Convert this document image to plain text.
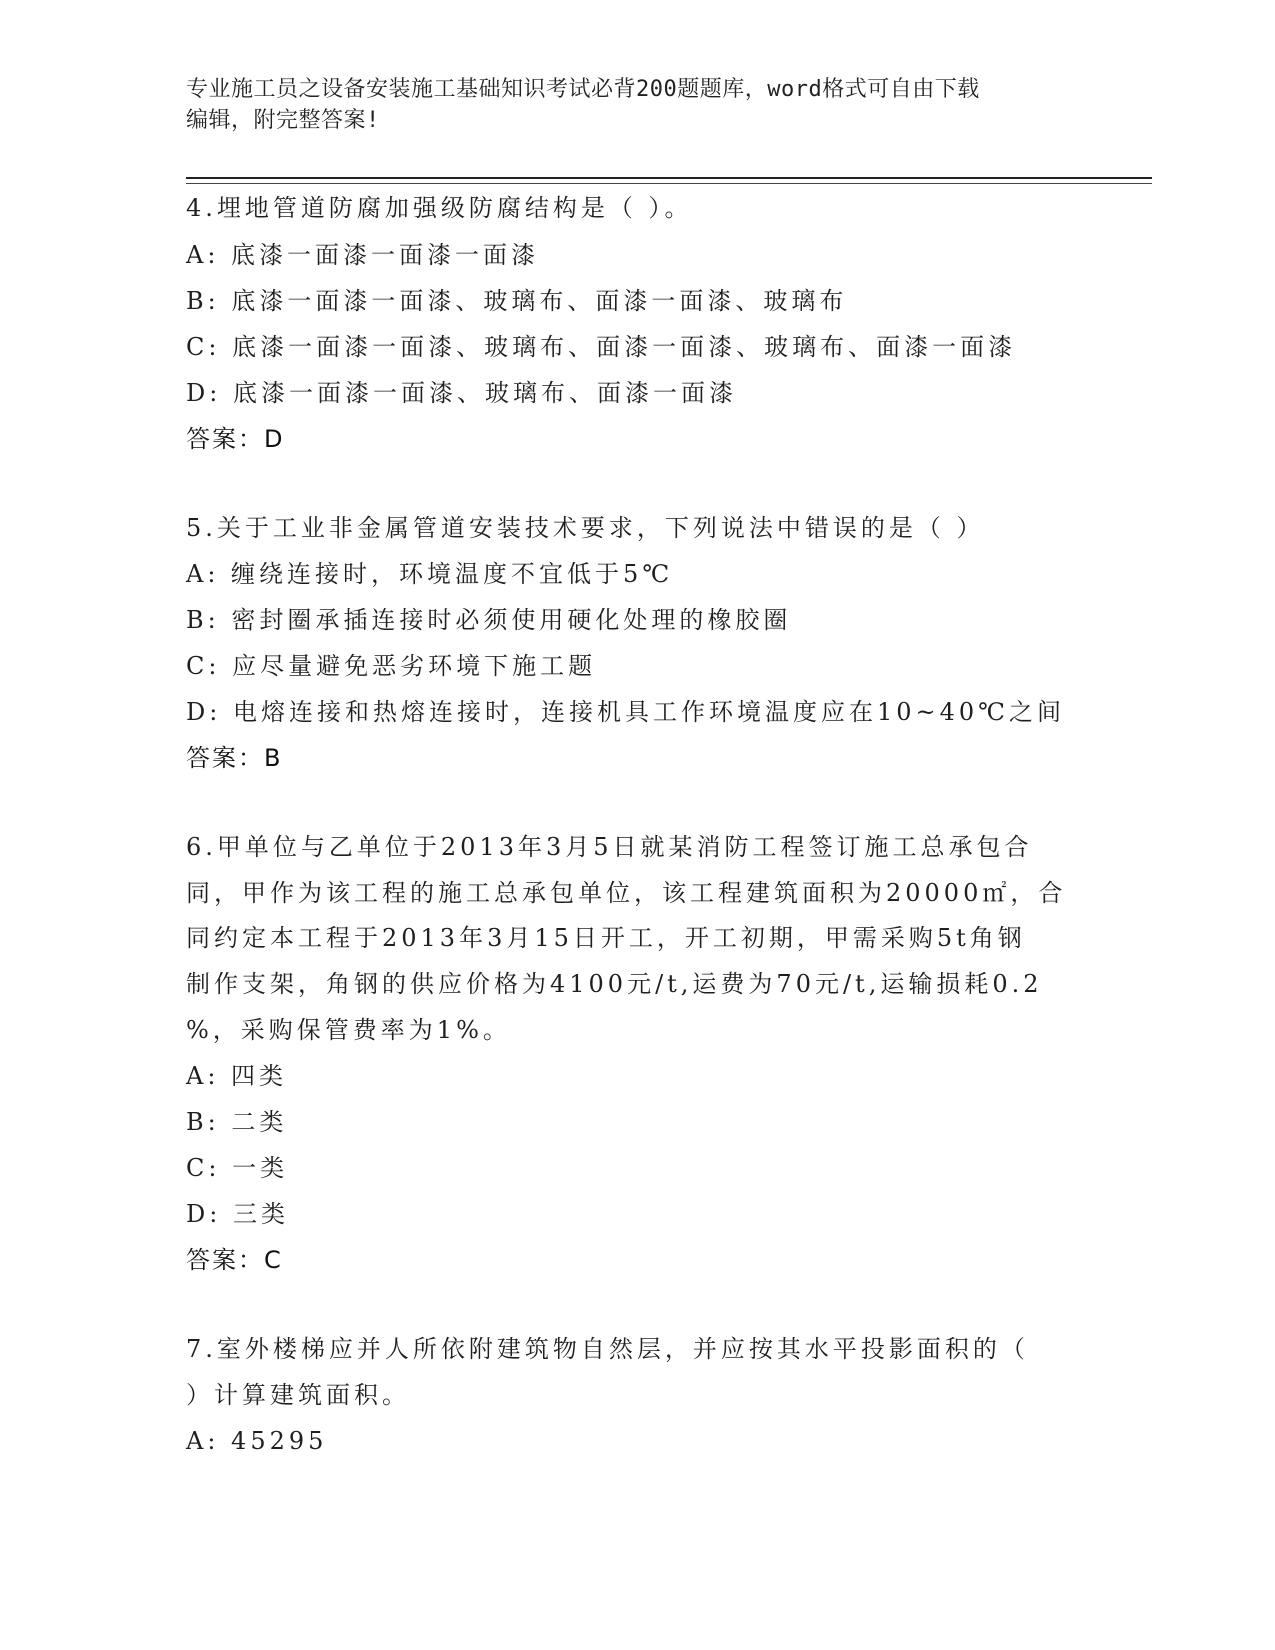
专业施工员之设备安装施工基础知识考试必背200题题库，word格式可自由下载
编辑，附完整答案!
4.埋地管道防腐加强级防腐结构是（ ）。
A: 底漆一面漆一面漆一面漆
B: 底漆一面漆一面漆、玻璃布、面漆一面漆、玻璃布
C: 底漆一面漆一面漆、玻璃布、面漆一面漆、玻璃布、面漆一面漆
D: 底漆一面漆一面漆、玻璃布、面漆一面漆
答案：D
5.关于工业非金属管道安装技术要求，下列说法中错误的是（ ）
A: 缠绕连接时，环境温度不宜低于5℃
B: 密封圈承插连接时必须使用硬化处理的橡胶圈
C: 应尽量避免恶劣环境下施工题
D: 电熔连接和热熔连接时，连接机具工作环境温度应在10~40℃之间
答案：B
6.甲单位与乙单位于2013年3月5日就某消防工程签订施工总承包合
同，甲作为该工程的施工总承包单位，该工程建筑面积为20000㎡，合
同约定本工程于2013年3月15日开工，开工初期，甲需采购5t角钢
制作支架，角钢的供应价格为4100元/t,运费为70元/t,运输损耗0.2
%，采购保管费率为1%。
A: 四类
B: 二类
C: 一类
D: 三类
答案：C
7.室外楼梯应并人所依附建筑物自然层，并应按其水平投影面积的（
）计算建筑面积。
A: 45295
